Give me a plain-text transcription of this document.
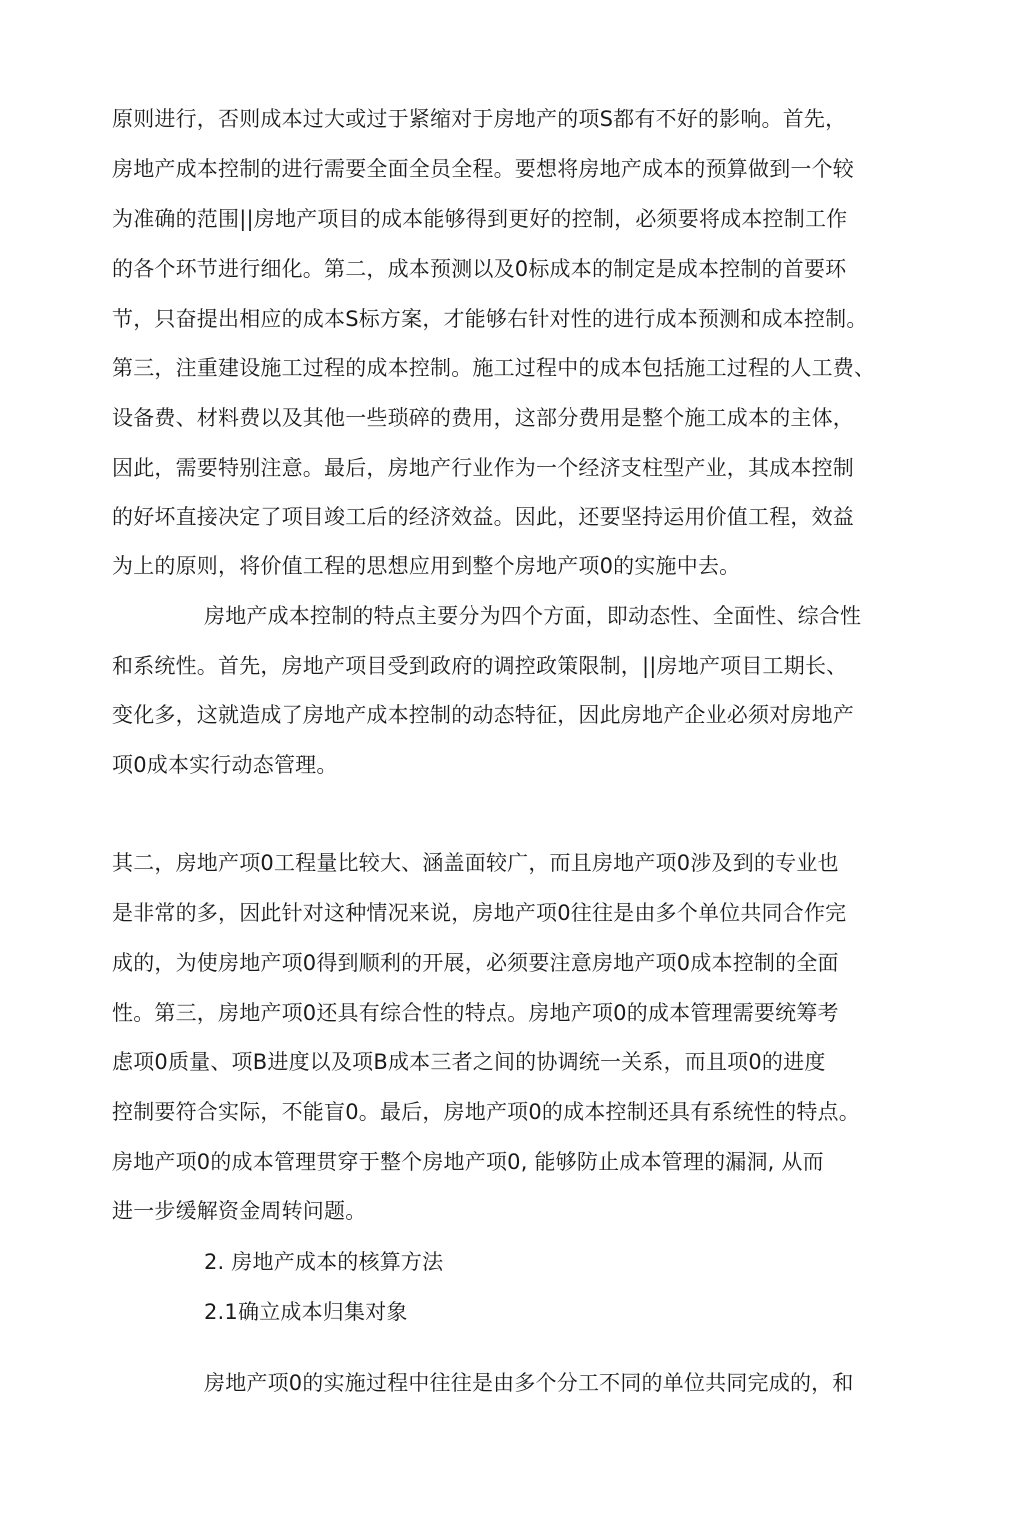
原则进行，否则成本过大或过于紧缩对于房地产的项S都有不好的影响。首先，
房地产成本控制的进行需要全面全员全程。要想将房地产成本的预算做到一个较
为准确的范围||房地产项目的成本能够得到更好的控制，必须要将成本控制工作
的各个环节进行细化。第二，成本预测以及0标成本的制定是成本控制的首要环
节，只奋提出相应的成本S标方案，才能够右针对性的进行成本预测和成本控制。
第三，注重建设施工过程的成本控制。施工过程中的成本包括施工过程的人工费、
设备费、材料费以及其他一些琐碎的费用，这部分费用是整个施工成本的主体，
因此，需要特别注意。最后，房地产行业作为一个经济支柱型产业，其成本控制
的好坏直接决定了项目竣工后的经济效益。因此，还要坚持运用价值工程，效益
为上的原则，将价值工程的思想应用到整个房地产项0的实施中去。
房地产成本控制的特点主要分为四个方面，即动态性、全面性、综合性
和系统性。首先，房地产项目受到政府的调控政策限制，||房地产项目工期长、
变化多，这就造成了房地产成本控制的动态特征，因此房地产企业必须对房地产
项0成本实行动态管理。
其二，房地产项0工程量比较大、涵盖面较广，而且房地产项0涉及到的专业也
是非常的多，因此针对这种情况来说，房地产项0往往是由多个单位共同合作完
成的，为使房地产项0得到顺利的开展，必须要注意房地产项0成本控制的全面
性。第三，房地产项0还具有综合性的特点。房地产项0的成本管理需要统筹考
虑项0质量、项B进度以及项B成本三者之间的协调统一关系，而且项0的进度
控制要符合实际，不能盲0。最后，房地产项0的成本控制还具有系统性的特点。
房地产项0的成本管理贯穿于整个房地产项0, 能够防止成本管理的漏洞, 从而
进一步缓解资金周转问题。
2. 房地产成本的核算方法
2.1确立成本归集对象
房地产项0的实施过程中往往是由多个分工不同的单位共同完成的，和
